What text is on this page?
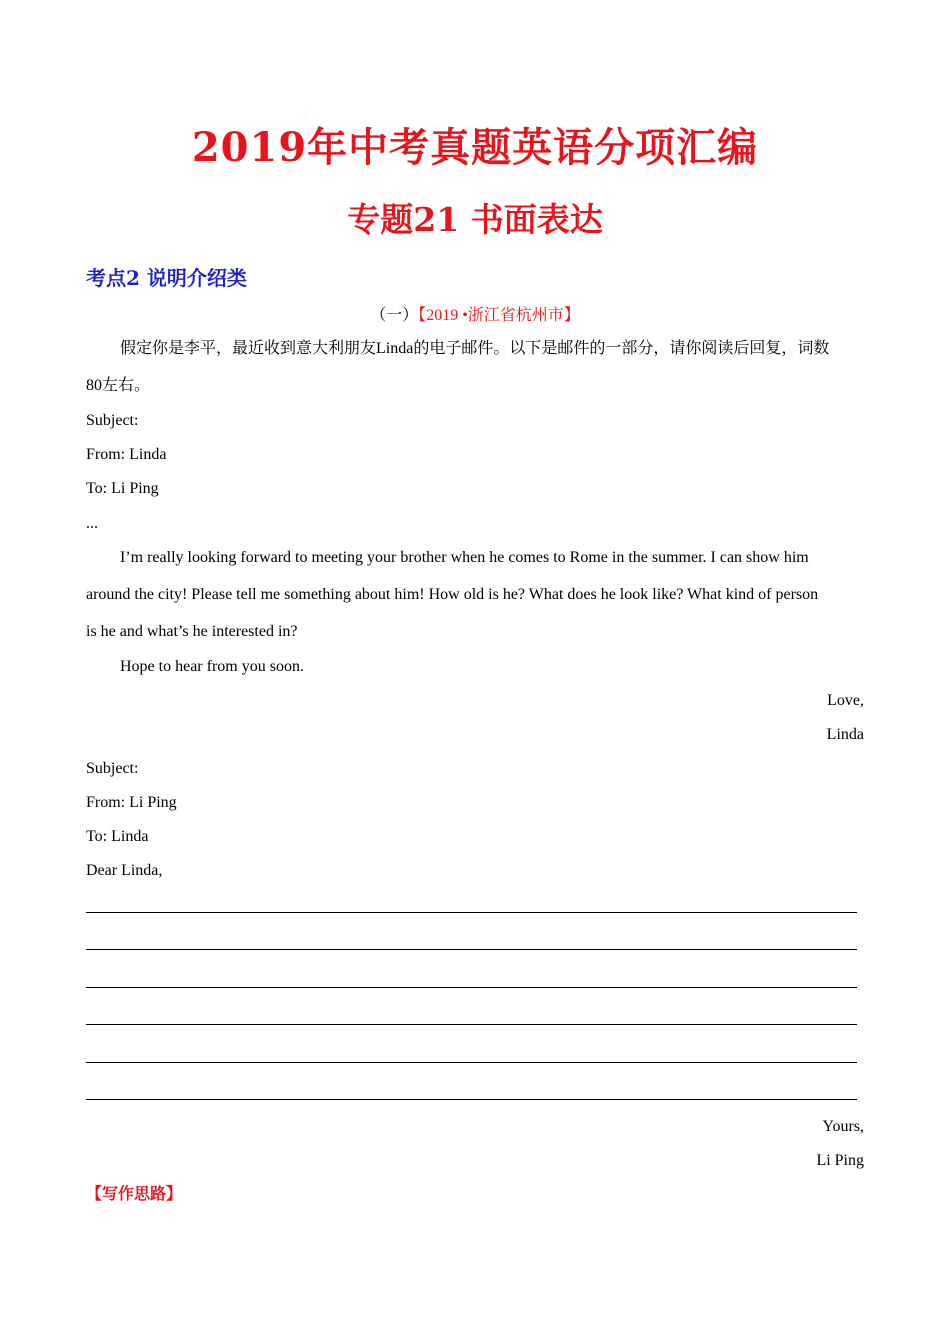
2019年中考真题英语分项汇编
专题21 书面表达
考点2 说明介绍类
（一）【2019 •浙江省杭州市】
假定你是李平，最近收到意大利朋友Linda的电子邮件。以下是邮件的一部分，请你阅读后回复，词数
80左右。
Subject:
From: Linda
To: Li Ping
...
I’m really looking forward to meeting your brother when he comes to Rome in the summer. I can show him
around the city! Please tell me something about him! How old is he? What does he look like? What kind of person
is he and what’s he interested in?
Hope to hear from you soon.
Love,
Linda
Subject:
From: Li Ping
To: Linda
Dear Linda,
Yours,
Li Ping
【写作思路】
